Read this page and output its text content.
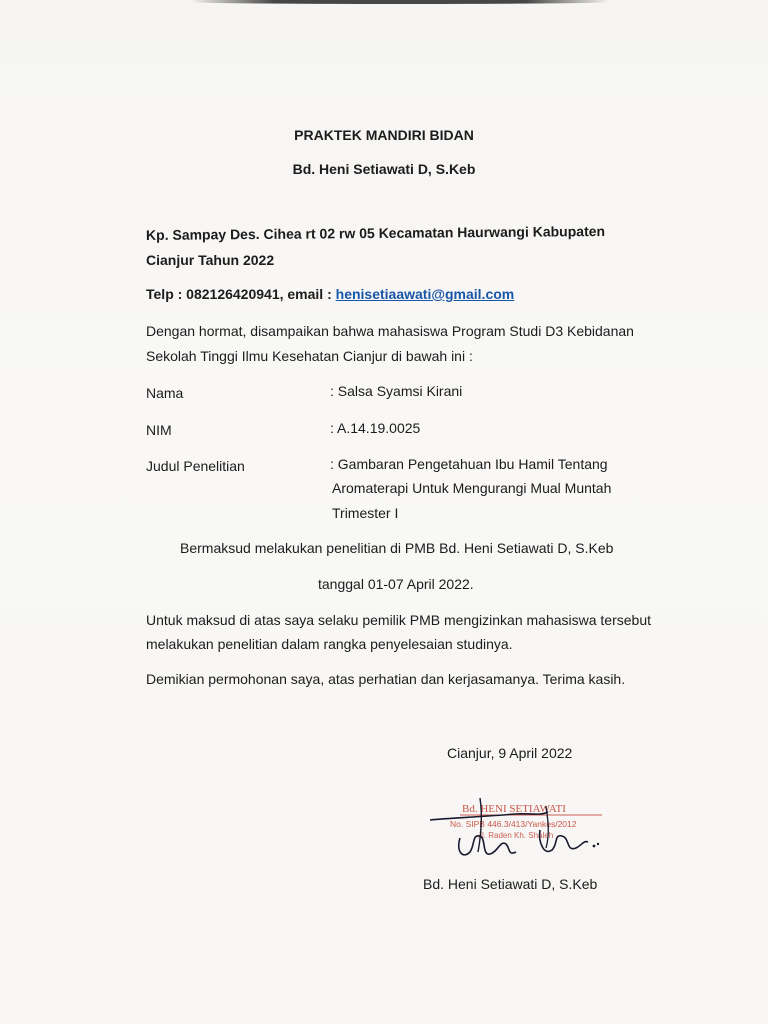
PRAKTEK MANDIRI BIDAN
Bd. Heni Setiawati D, S.Keb
Kp. Sampay Des. Cihea rt 02 rw 05 Kecamatan Haurwangi Kabupaten
Cianjur Tahun 2022
Telp : 082126420941, email : henisetiaawati@gmail.com
Dengan hormat, disampaikan bahwa mahasiswa Program Studi D3 Kebidanan
Sekolah Tinggi Ilmu Kesehatan Cianjur di bawah ini :
Nama	: Salsa Syamsi Kirani
NIM	: A.14.19.0025
Judul Penelitian	: Gambaran Pengetahuan Ibu Hamil Tentang
Aromaterapi Untuk Mengurangi Mual Muntah
Trimester I
Bermaksud melakukan penelitian di PMB Bd. Heni Setiawati D, S.Keb
tanggal 01-07 April 2022.
Untuk maksud di atas saya selaku pemilik PMB mengizinkan mahasiswa tersebut
melakukan penelitian dalam rangka penyelesaian studinya.
Demikian permohonan saya, atas perhatian dan kerjasamanya. Terima kasih.
Cianjur, 9 April 2022
Bd. HENI SETIAWATI
No. SIPB 446.3/413/Yankes/2012
Jl. Raden Kh. Shaleh
Bd. Heni Setiawati D, S.Keb
